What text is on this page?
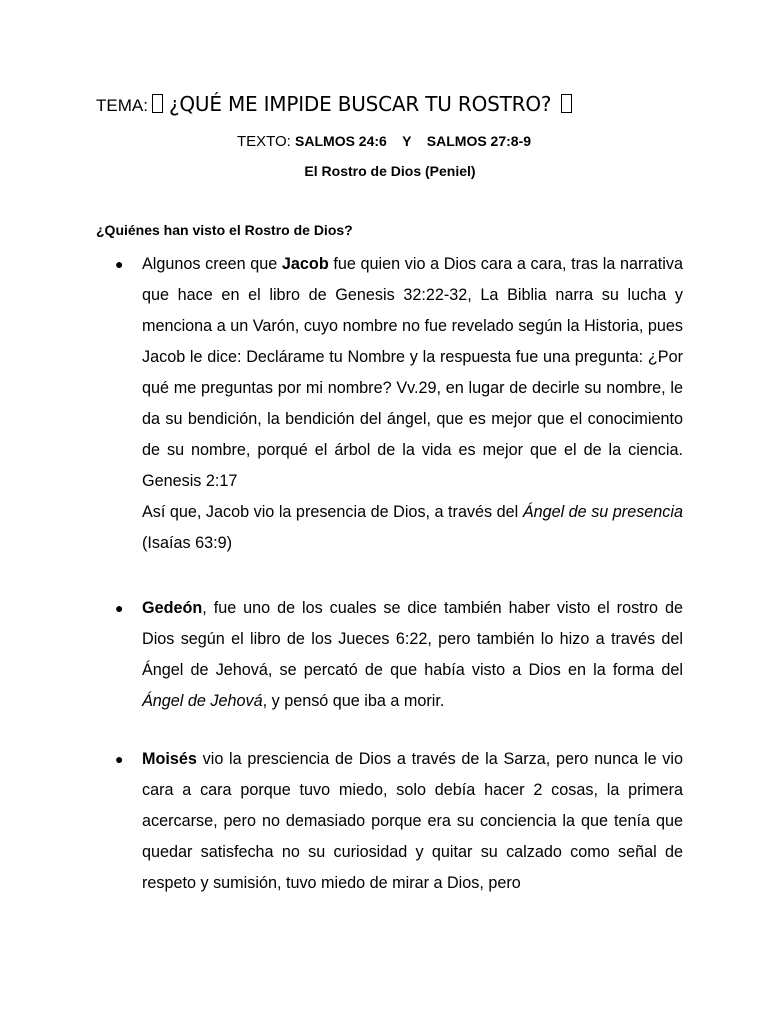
TEMA: ¿QUÉ ME IMPIDE BUSCAR TU ROSTRO?
TEXTO: SALMOS 24:6    Y    SALMOS 27:8-9
El Rostro de Dios (Peniel)
¿Quiénes han visto el Rostro de Dios?
● Algunos creen que Jacob fue quien vio a Dios cara a cara, tras la narrativa que hace en el libro de Genesis 32:22-32, La Biblia narra su lucha y menciona a un Varón, cuyo nombre no fue revelado según la Historia, pues Jacob le dice: Declárame tu Nombre y la respuesta fue una pregunta: ¿Por qué me preguntas por mi nombre? Vv.29, en lugar de decirle su nombre, le da su bendición, la bendición del ángel, que es mejor que el conocimiento de su nombre, porqué el árbol de la vida es mejor que el de la ciencia. Genesis 2:17
Así que, Jacob vio la presencia de Dios, a través del Ángel de su presencia (Isaías 63:9)
● Gedeón, fue uno de los cuales se dice también haber visto el rostro de Dios según el libro de los Jueces 6:22, pero también lo hizo a través del Ángel de Jehová, se percató de que había visto a Dios en la forma del Ángel de Jehová, y pensó que iba a morir.
● Moisés vio la presciencia de Dios a través de la Sarza, pero nunca le vio cara a cara porque tuvo miedo, solo debía hacer 2 cosas, la primera acercarse, pero no demasiado porque era su conciencia la que tenía que quedar satisfecha no su curiosidad y quitar su calzado como señal de respeto y sumisión, tuvo miedo de mirar a Dios, pero
